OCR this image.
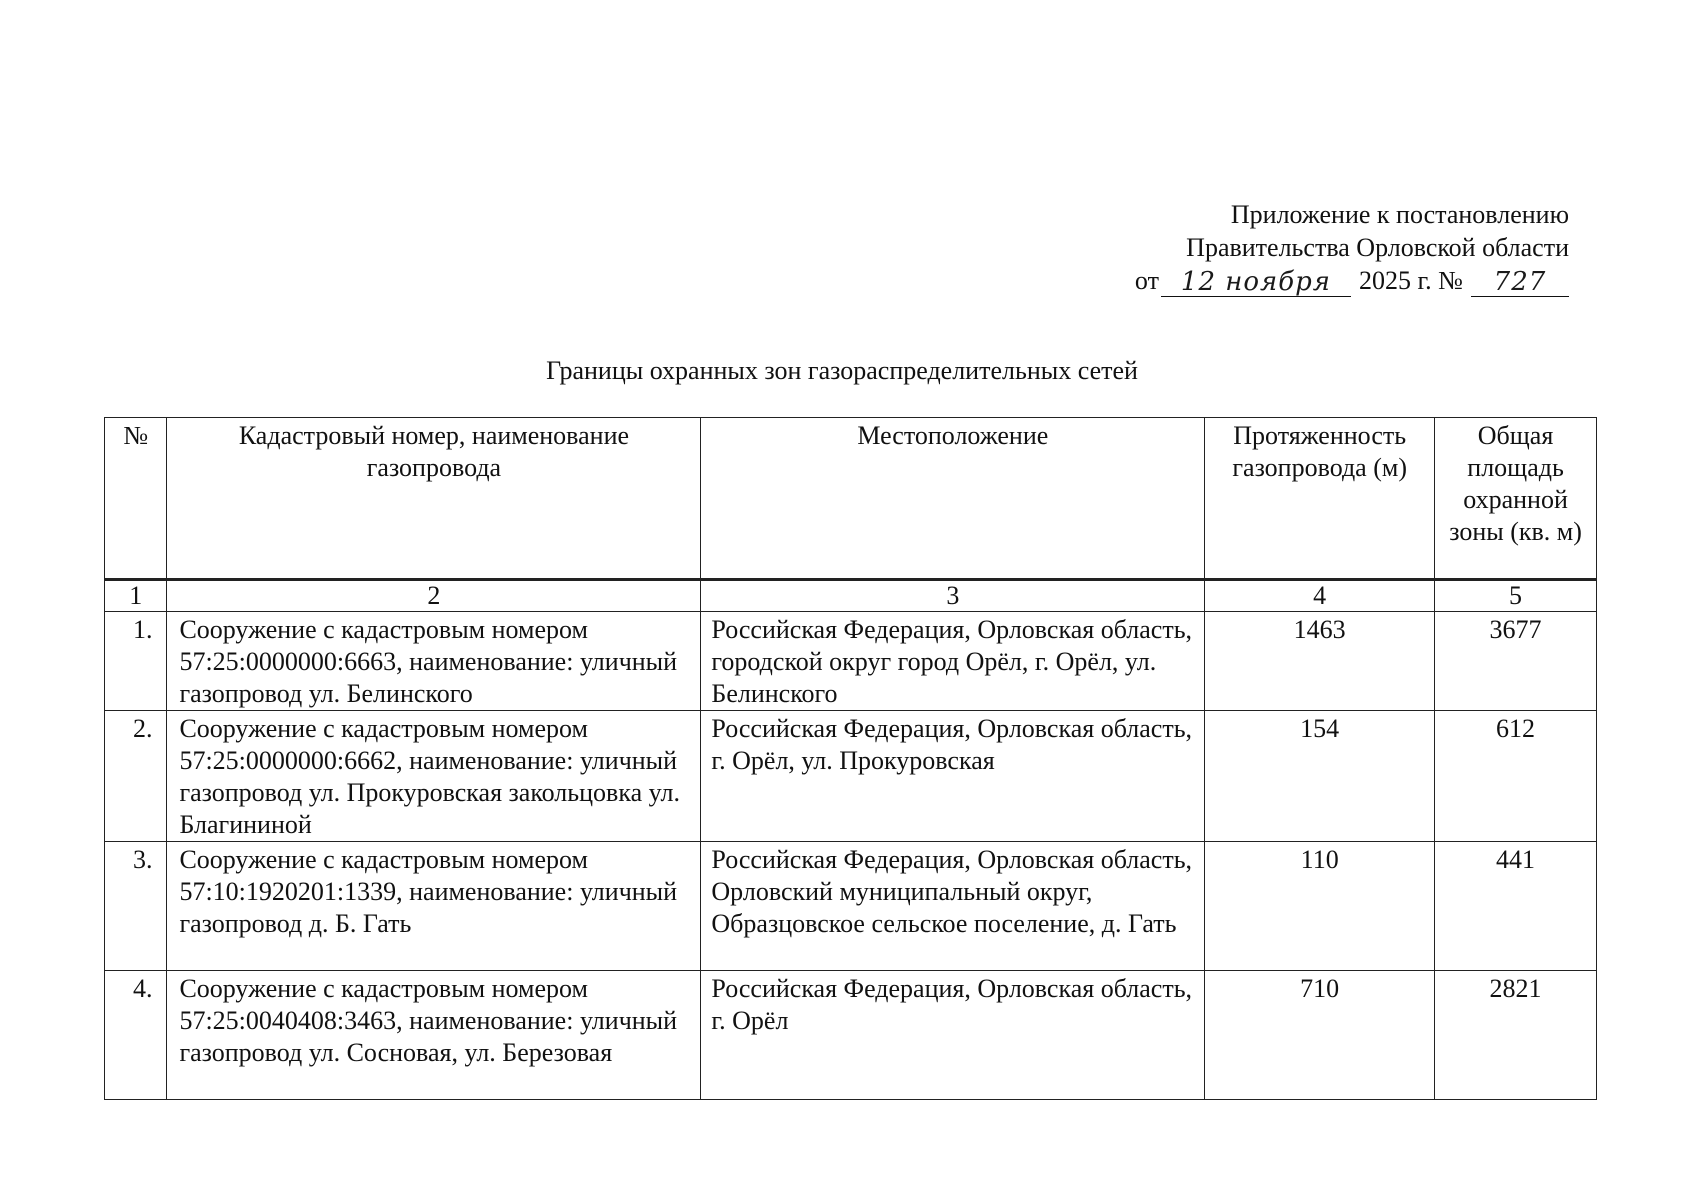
Приложение к постановлению
Правительства Орловской области
от 12 ноября	2025 г. №	727
Границы охранных зон газораспределительных сетей
№	Кадастровый номер, наименование газопровода	Местоположение	Протяженность газопровода (м)	Общая площадь охранной зоны (кв. м)
1	2	3	4	5
1.	Сооружение с кадастровым номером 57:25:0000000:6663, наименование: уличный газопровод ул. Белинского	Российская Федерация, Орловская область, городской округ город Орёл, г. Орёл, ул. Белинского	1463	3677
2.	Сооружение с кадастровым номером 57:25:0000000:6662, наименование: уличный газопровод ул. Прокуровская закольцовка ул. Благининой	Российская Федерация, Орловская область, г. Орёл, ул. Прокуровская	154	612
3.	Сооружение с кадастровым номером 57:10:1920201:1339, наименование: уличный газопровод д. Б. Гать	Российская Федерация, Орловская область, Орловский муниципальный округ, Образцовское сельское поселение, д. Гать	110	441
4.	Сооружение с кадастровым номером 57:25:0040408:3463, наименование: уличный газопровод ул. Сосновая, ул. Березовая	Российская Федерация, Орловская область, г. Орёл	710	2821
